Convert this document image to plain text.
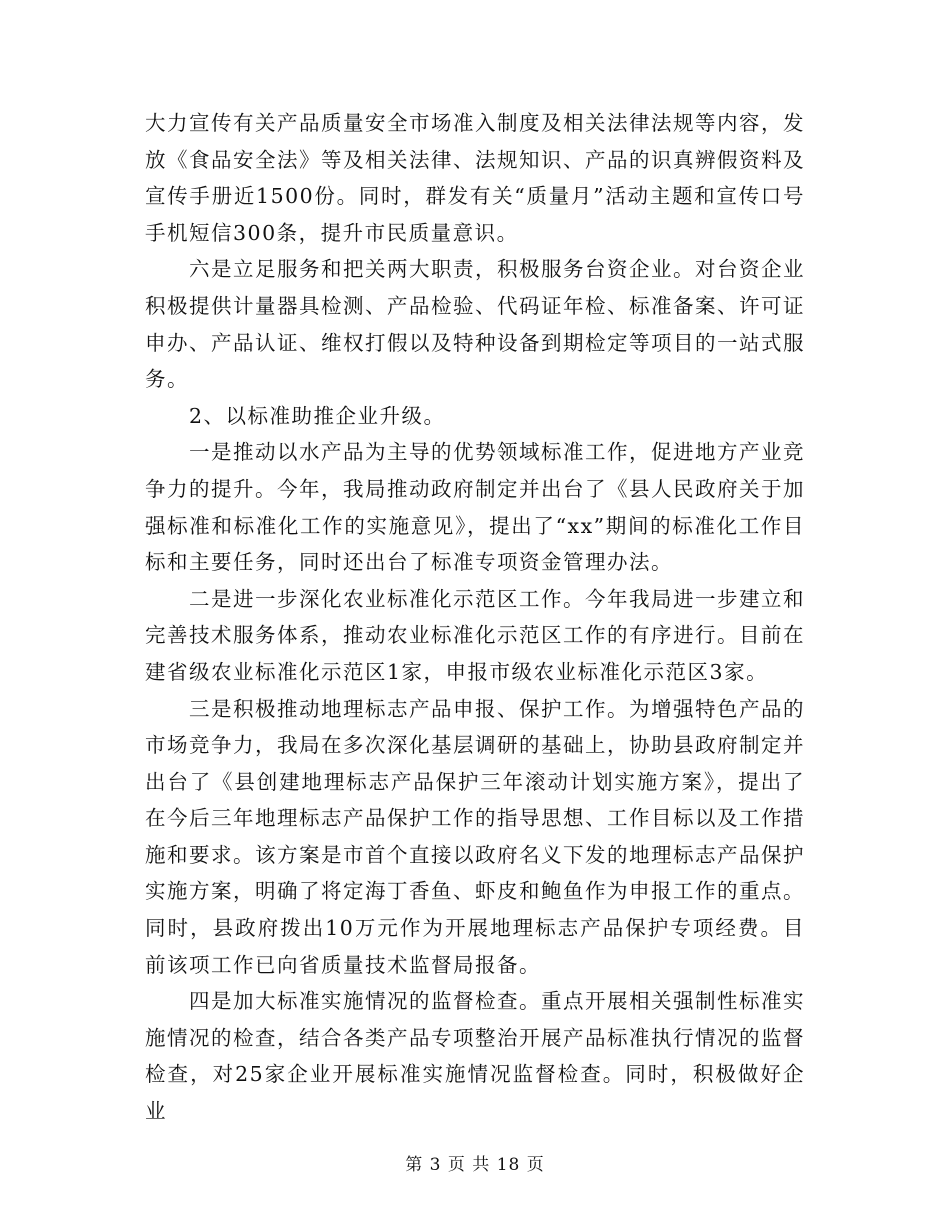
大力宣传有关产品质量安全市场准入制度及相关法律法规等内容，发放《食品安全法》等及相关法律、法规知识、产品的识真辨假资料及宣传手册近1500份。同时，群发有关“质量月”活动主题和宣传口号手机短信300条，提升市民质量意识。

六是立足服务和把关两大职责，积极服务台资企业。对台资企业积极提供计量器具检测、产品检验、代码证年检、标准备案、许可证申办、产品认证、维权打假以及特种设备到期检定等项目的一站式服务。

2、以标准助推企业升级。

一是推动以水产品为主导的优势领域标准工作，促进地方产业竞争力的提升。今年，我局推动政府制定并出台了《县人民政府关于加强标准和标准化工作的实施意见》，提出了“xx”期间的标准化工作目标和主要任务，同时还出台了标准专项资金管理办法。

二是进一步深化农业标准化示范区工作。今年我局进一步建立和完善技术服务体系，推动农业标准化示范区工作的有序进行。目前在建省级农业标准化示范区1家，申报市级农业标准化示范区3家。

三是积极推动地理标志产品申报、保护工作。为增强特色产品的市场竞争力，我局在多次深化基层调研的基础上，协助县政府制定并出台了《县创建地理标志产品保护三年滚动计划实施方案》，提出了在今后三年地理标志产品保护工作的指导思想、工作目标以及工作措施和要求。该方案是市首个直接以政府名义下发的地理标志产品保护实施方案，明确了将定海丁香鱼、虾皮和鲍鱼作为申报工作的重点。同时，县政府拨出10万元作为开展地理标志产品保护专项经费。目前该项工作已向省质量技术监督局报备。

四是加大标准实施情况的监督检查。重点开展相关强制性标准实施情况的检查，结合各类产品专项整治开展产品标准执行情况的监督检查，对25家企业开展标准实施情况监督检查。同时，积极做好企业

第 3 页 共 18 页
